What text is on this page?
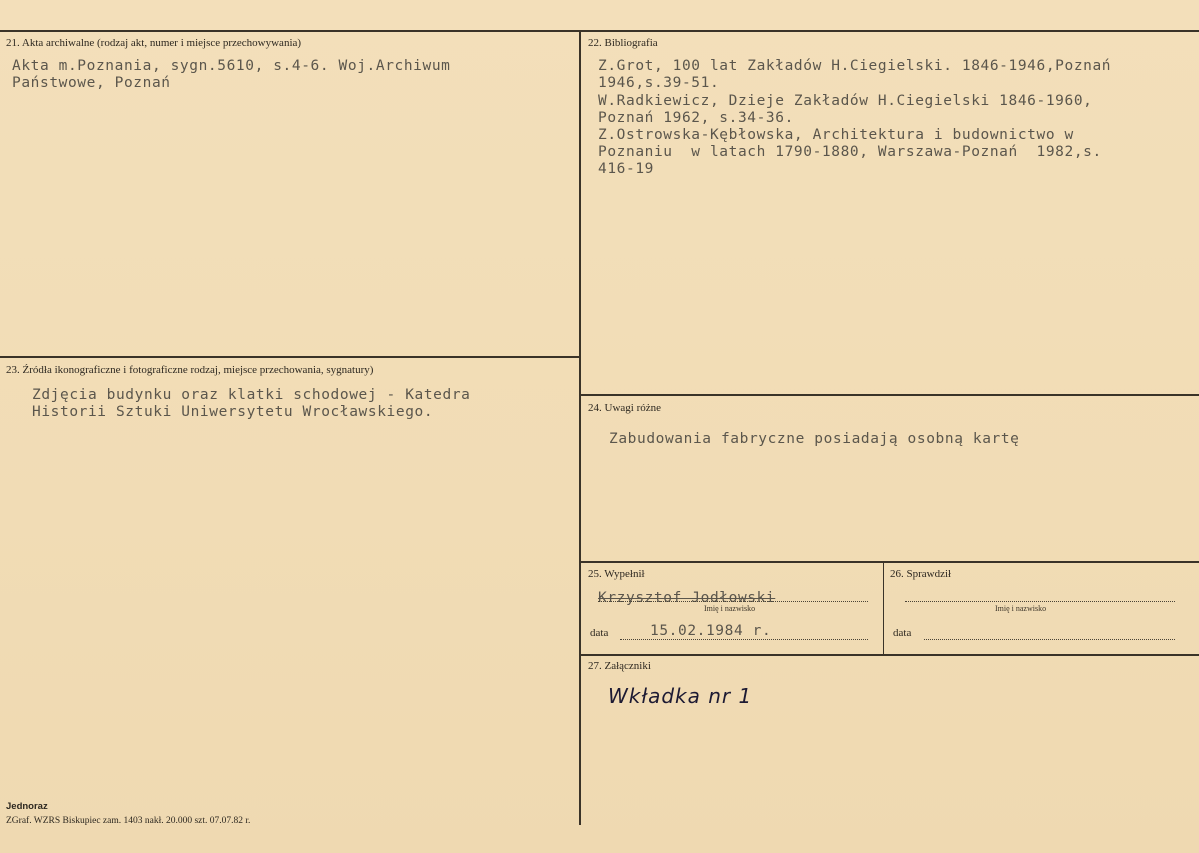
21. Akta archiwalne (rodzaj akt, numer i miejsce przechowywania)
Akta m.Poznania, sygn.5610, s.4-6. Woj.Archiwum
Państwowe, Poznań
22. Bibliografia
Z.Grot, 100 lat Zakładów H.Ciegielski. 1846-1946,Poznań
1946,s.39-51.
W.Radkiewicz, Dzieje Zakładów H.Ciegielski 1846-1960,
Poznań 1962, s.34-36.
Z.Ostrowska-Kębłowska, Architektura i budownictwo w
Poznaniu  w latach 1790-1880, Warszawa-Poznań  1982,s.
416-19
23. Źródła ikonograficzne i fotograficzne rodzaj, miejsce przechowania, sygnatury)
Zdjęcia budynku oraz klatki schodowej - Katedra
Historii Sztuki Uniwersytetu Wrocławskiego.	24. Uwagi różne
Zabudowania fabryczne posiadają osobną kartę
25. Wypełnił
Krzysztof Jodłowski
Imię i nazwisko
data	15.02.1984 r.
26. Sprawdził
Imię i nazwisko
data
27. Załączniki
Wkładka nr 1
Jednoraz
ZGraf. WZRS Biskupiec zam. 1403 nakł. 20.000 szt. 07.07.82 r.
